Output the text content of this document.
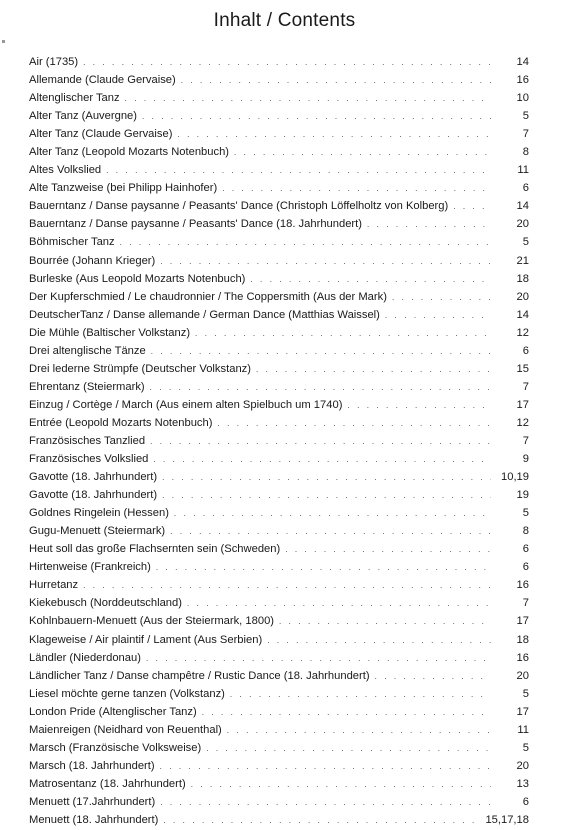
Inhalt / Contents
Air (1735) . . .	14
Allemande (Claude Gervaise) . . .	16
Altenglischer Tanz . . .	10
Alter Tanz (Auvergne) . . .	5
Alter Tanz (Claude Gervaise) . . .	7
Alter Tanz (Leopold Mozarts Notenbuch) . . .	8
Altes Volkslied . . .	11
Alte Tanzweise (bei Philipp Hainhofer) . . .	6
Bauerntanz / Danse paysanne / Peasants' Dance (Christoph Löffelholtz von Kolberg) . . .	14
Bauerntanz / Danse paysanne / Peasants' Dance (18. Jahrhundert) . . .	20
Böhmischer Tanz . . .	5
Bourrée (Johann Krieger) . . .	21
Burleske (Aus Leopold Mozarts Notenbuch) . . .	18
Der Kupferschmied / Le chaudronnier / The Coppersmith (Aus der Mark) . . .	20
DeutscherTanz / Danse allemande / German Dance (Matthias Waissel) . . .	14
Die Mühle (Baltischer Volkstanz) . . .	12
Drei altenglische Tänze . . .	6
Drei lederne Strümpfe (Deutscher Volkstanz) . . .	15
Ehrentanz (Steiermark) . . .	7
Einzug / Cortège / March (Aus einem alten Spielbuch um 1740) . . .	17
Entrée (Leopold Mozarts Notenbuch) . . .	12
Französisches Tanzlied . . .	7
Französisches Volkslied . . .	9
Gavotte (18. Jahrhundert) . . .	10,19
Gavotte (18. Jahrhundert) . . .	19
Goldnes Ringelein (Hessen) . . .	5
Gugu-Menuett (Steiermark) . . .	8
Heut soll das große Flachsernten sein (Schweden) . . .	6
Hirtenweise (Frankreich) . . .	6
Hurretanz . . .	16
Kiekebusch (Norddeutschland) . . .	7
Kohlnbauern-Menuett (Aus der Steiermark, 1800) . . .	17
Klageweise / Air plaintif / Lament (Aus Serbien) . . .	18
Ländler (Niederdonau) . . .	16
Ländlicher Tanz / Danse champêtre / Rustic Dance (18. Jahrhundert) . . .	20
Liesel möchte gerne tanzen (Volkstanz) . . .	5
London Pride (Altenglischer Tanz) . . .	17
Maienreigen (Neidhard von Reuenthal) . . .	11
Marsch (Französische Volksweise) . . .	5
Marsch (18. Jahrhundert) . . .	20
Matrosentanz (18. Jahrhundert) . . .	13
Menuett (17.Jahrhundert) . . .	6
Menuett (18. Jahrhundert) . . .	15,17,18
